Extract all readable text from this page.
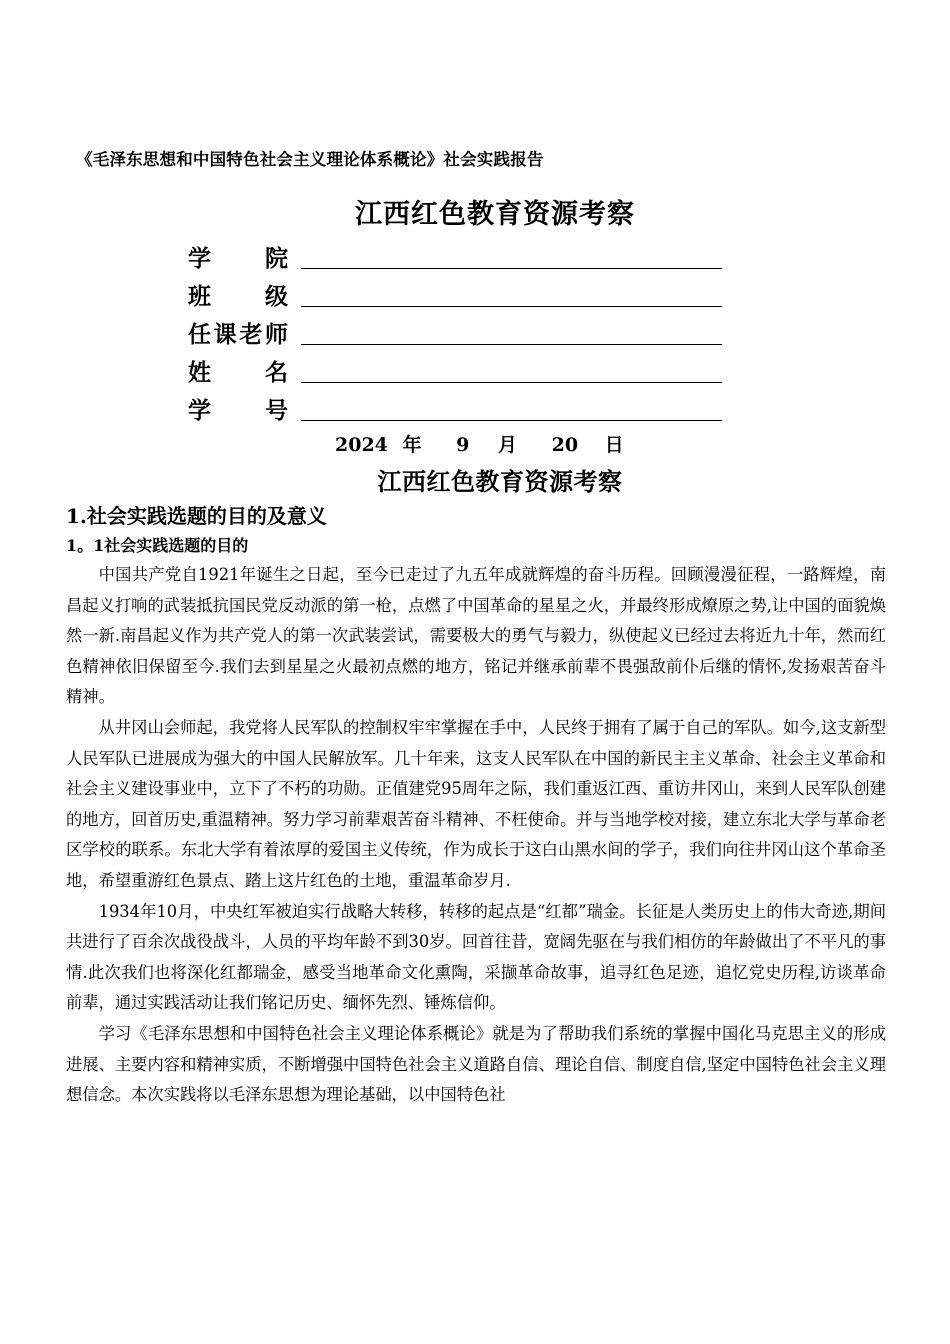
《毛泽东思想和中国特色社会主义理论体系概论》社会实践报告
江西红色教育资源考察
学 院
班 级
任 课 老 师
姓 名
学 号
2024 年 9 月 20 日
江西红色教育资源考察
1.社会实践选题的目的及意义
1。1社会实践选题的目的

中国共产党自1921年诞生之日起，至今已走过了九五年成就辉煌的奋斗历程。回顾漫漫征程，一路辉煌，南昌起义打响的武装抵抗国民党反动派的第一枪，点燃了中国革命的星星之火，并最终形成燎原之势,让中国的面貌焕然一新.南昌起义作为共产党人的第一次武装尝试，需要极大的勇气与毅力，纵使起义已经过去将近九十年，然而红色精神依旧保留至今.我们去到星星之火最初点燃的地方，铭记并继承前辈不畏强敌前仆后继的情怀,发扬艰苦奋斗精神。

从井冈山会师起，我党将人民军队的控制权牢牢掌握在手中，人民终于拥有了属于自己的军队。如今,这支新型人民军队已进展成为强大的中国人民解放军。几十年来，这支人民军队在中国的新民主主义革命、社会主义革命和社会主义建设事业中，立下了不朽的功勋。正值建党95周年之际，我们重返江西、重访井冈山，来到人民军队创建的地方，回首历史,重温精神。努力学习前辈艰苦奋斗精神、不枉使命。并与当地学校对接，建立东北大学与革命老区学校的联系。东北大学有着浓厚的爱国主义传统，作为成长于这白山黑水间的学子，我们向往井冈山这个革命圣地，希望重游红色景点、踏上这片红色的土地，重温革命岁月.

1934年10月，中央红军被迫实行战略大转移，转移的起点是“红都”瑞金。长征是人类历史上的伟大奇迹,期间共进行了百余次战役战斗，人员的平均年龄不到30岁。回首往昔，宽阔先驱在与我们相仿的年龄做出了不平凡的事情.此次我们也将深化红都瑞金，感受当地革命文化熏陶，采撷革命故事，追寻红色足迹，追忆党史历程,访谈革命前辈，通过实践活动让我们铭记历史、缅怀先烈、锤炼信仰。

学习《毛泽东思想和中国特色社会主义理论体系概论》就是为了帮助我们系统的掌握中国化马克思主义的形成进展、主要内容和精神实质，不断增强中国特色社会主义道路自信、理论自信、制度自信,坚定中国特色社会主义理想信念。本次实践将以毛泽东思想为理论基础，以中国特色社
